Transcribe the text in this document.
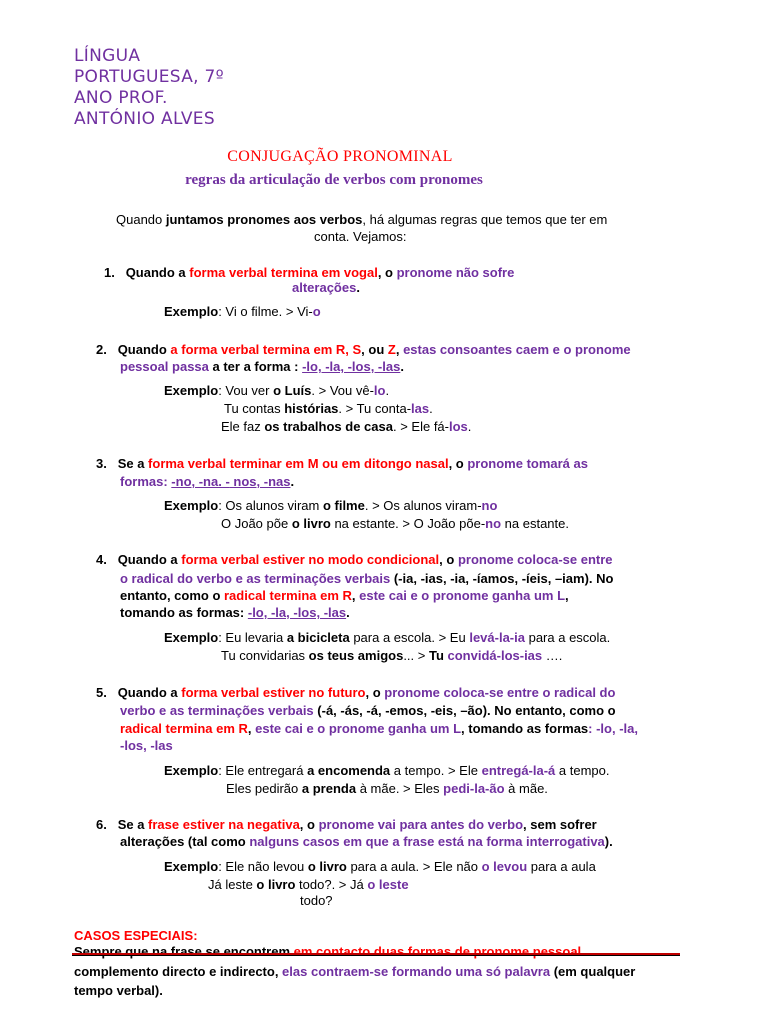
LÍNGUA
PORTUGUESA, 7º
ANO PROF.
ANTÓNIO ALVES
CONJUGAÇÃO PRONOMINAL
regras da articulação de verbos com pronomes
Quando juntamos pronomes aos verbos, há algumas regras que temos que ter em
conta. Vejamos:
1. Quando a forma verbal termina em vogal, o pronome não sofre
alterações.
Exemplo: Vi o filme. > Vi-o
2. Quando a forma verbal termina em R, S, ou Z, estas consoantes caem e o pronome
pessoal passa a ter a forma : -lo, -la, -los, -las.
Exemplo: Vou ver o Luís. > Vou vê-lo.
Tu contas histórias. > Tu conta-las.
Ele faz os trabalhos de casa. > Ele fá-los.
3. Se a forma verbal terminar em M ou em ditongo nasal, o pronome tomará as
formas: -no, -na. - nos, -nas.
Exemplo: Os alunos viram o filme. > Os alunos viram-no
O João põe o livro na estante. > O João põe-no na estante.
4. Quando a forma verbal estiver no modo condicional, o pronome coloca-se entre
o radical do verbo e as terminações verbais (-ia, -ias, -ia, -íamos, -íeis, –iam). No
entanto, como o radical termina em R, este cai e o pronome ganha um L,
tomando as formas: -lo, -la, -los, -las.
Exemplo: Eu levaria a bicicleta para a escola. > Eu levá-la-ia para a escola.
Tu convidarias os teus amigos... > Tu convidá-los-ias ….
5. Quando a forma verbal estiver no futuro, o pronome coloca-se entre o radical do
verbo e as terminações verbais (-á, -ás, -á, -emos, -eis, –ão). No entanto, como o
radical termina em R, este cai e o pronome ganha um L, tomando as formas: -lo, -la,
-los, -las
Exemplo: Ele entregará a encomenda a tempo. > Ele entregá-la-á a tempo.
Eles pedirão a prenda à mãe. > Eles pedi-la-ão à mãe.
6. Se a frase estiver na negativa, o pronome vai para antes do verbo, sem sofrer
alterações (tal como nalguns casos em que a frase está na forma interrogativa).
Exemplo: Ele não levou o livro para a aula. > Ele não o levou para a aula
Já leste o livro todo?. > Já o leste
todo?
CASOS ESPECIAIS:
Sempre que na frase se encontrem em contacto duas formas de pronome pessoal
complemento directo e indirecto, elas contraem-se formando uma só palavra (em qualquer
tempo verbal).
